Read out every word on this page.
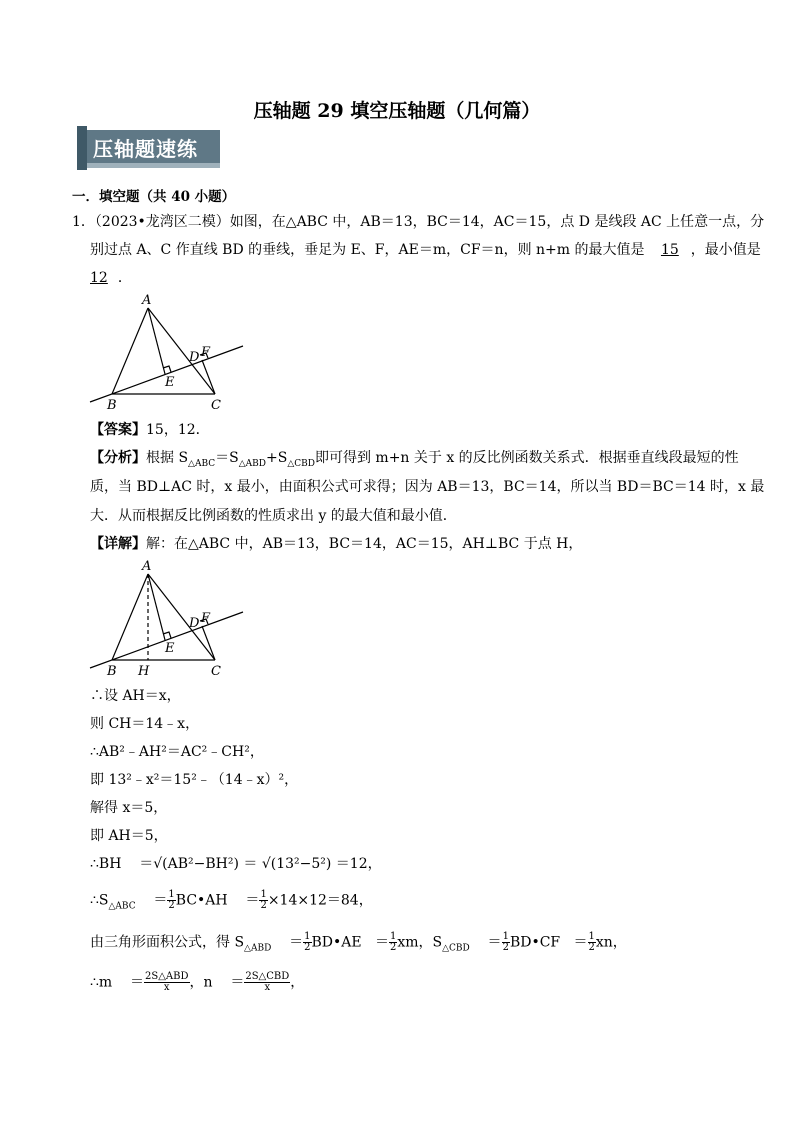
压轴题 29 填空压轴题（几何篇）
压轴题速练
一．填空题（共 40 小题）
1．（2023•龙湾区二模）如图，在△ABC 中，AB＝13，BC＝14，AC＝15，点 D 是线段 AC 上任意一点，分
别过点 A、C 作直线 BD 的垂线，垂足为 E、F，AE＝m，CF＝n，则 n+m 的最大值是 15 ，最小值是
12 ．
A
B	C
D
E
F
【答案】15，12．
【分析】根据 $S_{\triangle ABC}=S_{\triangle ABD}+S_{\triangle CBD}$即可得到 m+n 关于 x 的反比例函数关系式．根据垂直线段最短的性
质，当 BD⊥AC 时，x 最小，由面积公式可求得；因为 AB＝13，BC＝14，所以当 BD＝BC＝14 时，x 最
大．从而根据反比例函数的性质求出 y 的最大值和最小值．
【详解】解：在△ABC 中，AB＝13，BC＝14，AC＝15，AH⊥BC 于点 H，
A
B H	C
D
E
F
∴设 AH＝x，
则 CH＝14﹣x，
∴AB²﹣AH²＝AC²﹣CH²，
即 13²﹣x²＝15²﹣（14﹣x）²，
解得 x＝5，
即 AH＝5，
∴BH ＝√(AB²−BH²) ＝ √(13²−5²) ＝12，
$\therefore S_{\triangle ABC}$    ＝ $\frac{1}{2}$ BC•AH    ＝ $\frac{1}{2} \times 14\times 12=84$，
由三角形面积公式，得 $S_{\triangle ABD}$    ＝ $\frac{1}{2}$ BD•AE   ＝ $\frac{1}{2}$ xm，$S_{\triangle CBD}$    ＝ $\frac{1}{2}$ BD•CF   ＝ $\frac{1}{2}$ xn，
∴m    ＝ $\frac{\text{2S△ABD}}{x}$ ，n    ＝ $\frac{\text{2S△CBD}}{x}$ ，
